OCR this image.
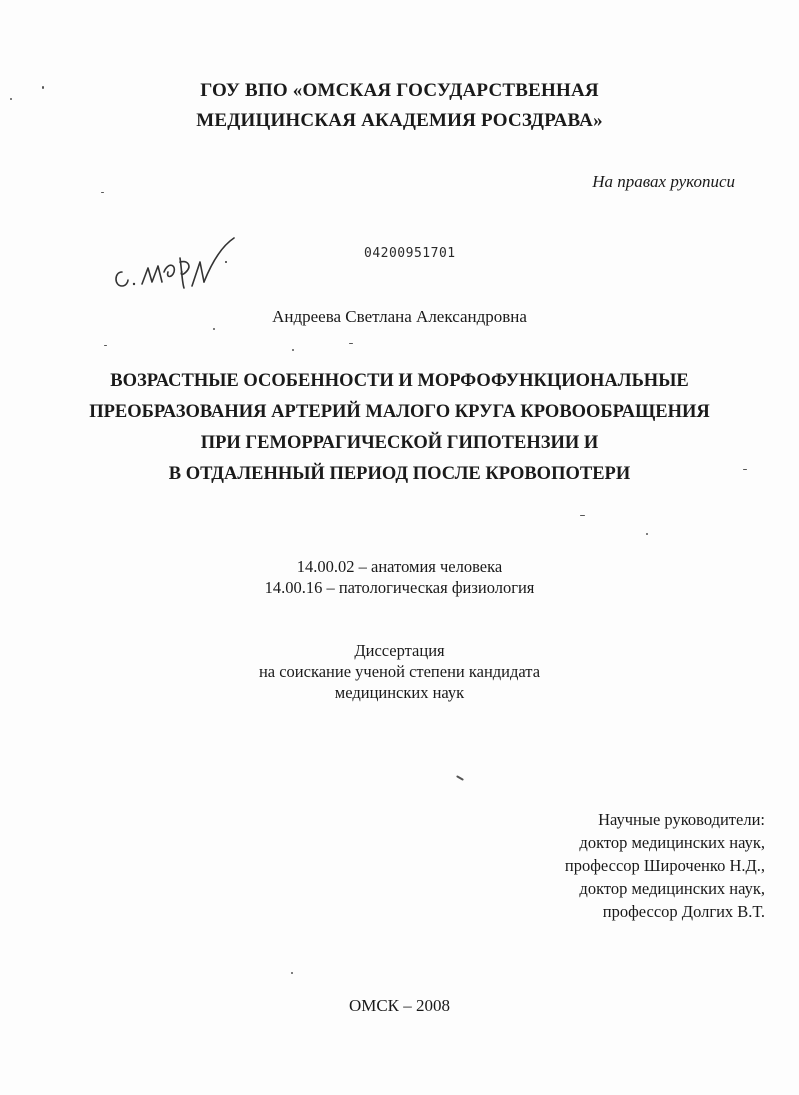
ГОУ ВПО «ОМСКАЯ ГОСУДАРСТВЕННАЯ
МЕДИЦИНСКАЯ АКАДЕМИЯ РОСЗДРАВА»
На правах рукописи
04200951701
Андреева Светлана Александровна
ВОЗРАСТНЫЕ ОСОБЕННОСТИ И МОРФОФУНКЦИОНАЛЬНЫЕ
ПРЕОБРАЗОВАНИЯ АРТЕРИЙ МАЛОГО КРУГА КРОВООБРАЩЕНИЯ
ПРИ ГЕМОРРАГИЧЕСКОЙ ГИПОТЕНЗИИ И
В ОТДАЛЕННЫЙ ПЕРИОД ПОСЛЕ КРОВОПОТЕРИ
14.00.02 – анатомия человека
14.00.16 – патологическая физиология
Диссертация
на соискание ученой степени кандидата
медицинских наук
Научные руководители:
доктор медицинских наук,
профессор Широченко Н.Д.,
доктор медицинских наук,
профессор Долгих В.Т.
ОМСК – 2008
